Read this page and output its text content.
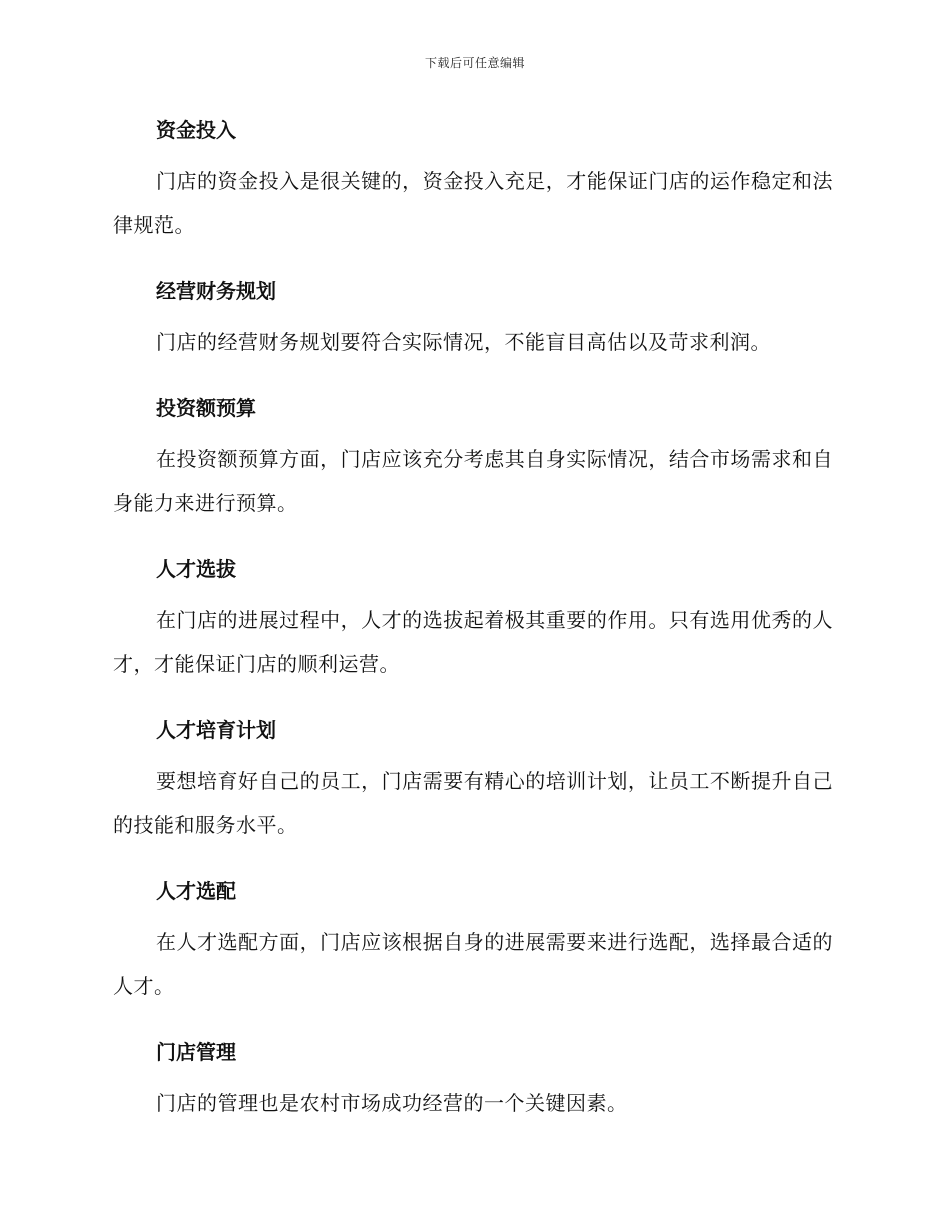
下载后可任意编辑
资金投入
门店的资金投入是很关键的，资金投入充足，才能保证门店的运作稳定和法律规范。
经营财务规划
门店的经营财务规划要符合实际情况，不能盲目高估以及苛求利润。
投资额预算
在投资额预算方面，门店应该充分考虑其自身实际情况，结合市场需求和自身能力来进行预算。
人才选拔
在门店的进展过程中，人才的选拔起着极其重要的作用。只有选用优秀的人才，才能保证门店的顺利运营。
人才培育计划
要想培育好自己的员工，门店需要有精心的培训计划，让员工不断提升自己的技能和服务水平。
人才选配
在人才选配方面，门店应该根据自身的进展需要来进行选配，选择最合适的人才。
门店管理
门店的管理也是农村市场成功经营的一个关键因素。
